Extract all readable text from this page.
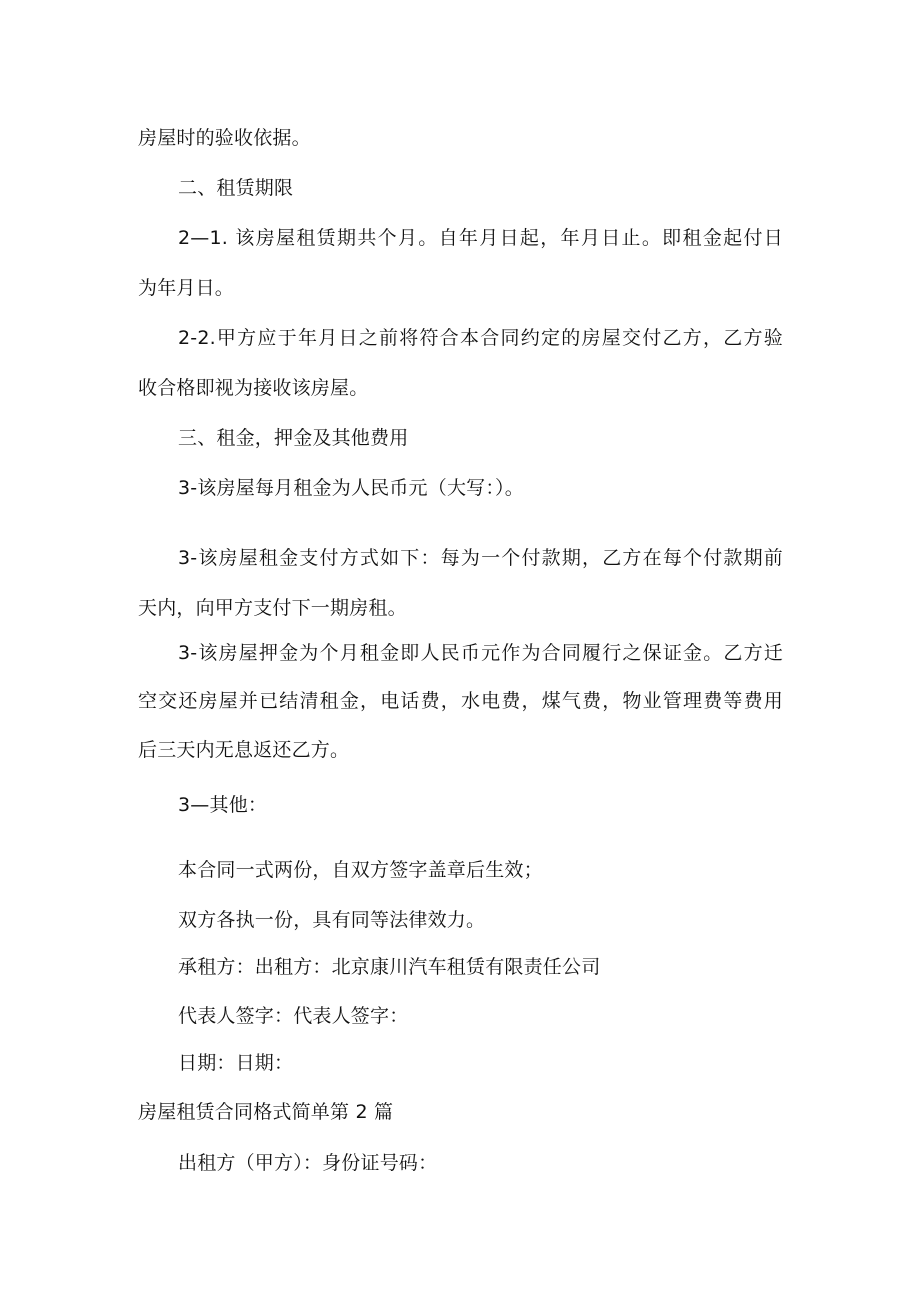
房屋时的验收依据。
二、租赁期限
2—1. 该房屋租赁期共个月。自年月日起，年月日止。即租金起付日
为年月日。
2-2.甲方应于年月日之前将符合本合同约定的房屋交付乙方，乙方验
收合格即视为接收该房屋。
三、租金，押金及其他费用
3-该房屋每月租金为人民币元（大写：）。
3-该房屋租金支付方式如下：每为一个付款期，乙方在每个付款期前
天内，向甲方支付下一期房租。
3-该房屋押金为个月租金即人民币元作为合同履行之保证金。乙方迁
空交还房屋并已结清租金，电话费，水电费，煤气费，物业管理费等费用
后三天内无息返还乙方。
3—其他：
本合同一式两份，自双方签字盖章后生效；
双方各执一份，具有同等法律效力。
承租方：出租方：北京康川汽车租赁有限责任公司
代表人签字：代表人签字：
日期：日期：
房屋租赁合同格式简单第 2 篇
出租方（甲方）：身份证号码：
